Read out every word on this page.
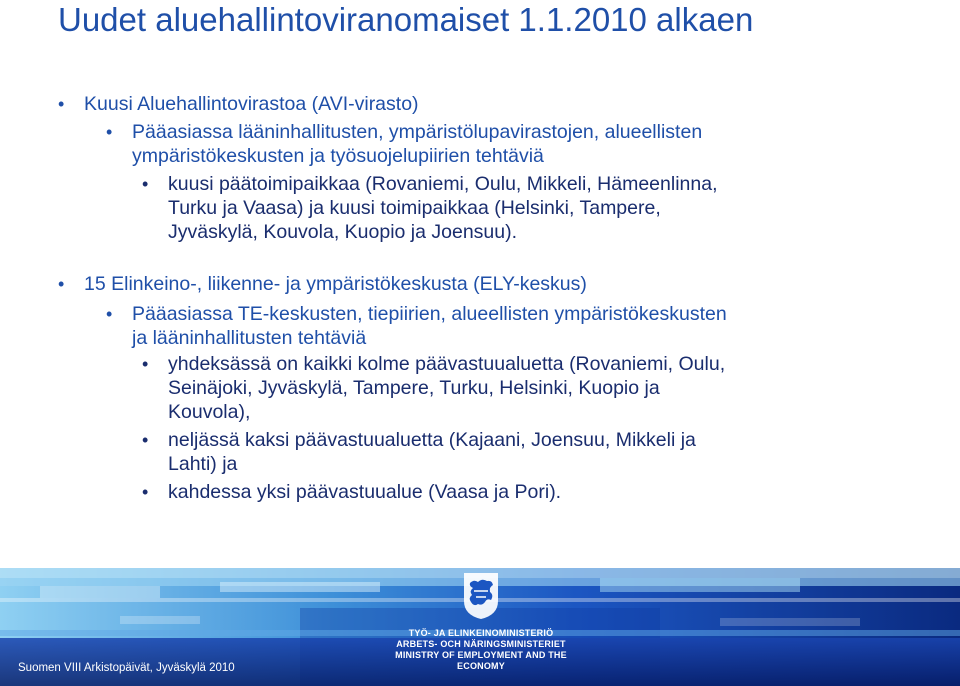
Uudet aluehallintoviranomaiset 1.1.2010 alkaen
• Kuusi Aluehallintovirastoa (AVI-virasto)
• Pääasiassa lääninhallitusten, ympäristölupavirastojen, alueellisten
ympäristökeskusten ja työsuojelupiirien tehtäviä
• kuusi päätoimipaikkaa (Rovaniemi, Oulu, Mikkeli, Hämeenlinna,
Turku ja Vaasa) ja kuusi toimipaikkaa (Helsinki, Tampere,
Jyväskylä, Kouvola, Kuopio ja Joensuu).
• 15 Elinkeino-, liikenne- ja ympäristökeskusta (ELY-keskus)
• Pääasiassa TE-keskusten, tiepiirien, alueellisten ympäristökeskusten
ja lääninhallitusten tehtäviä
• yhdeksässä on kaikki kolme päävastuualuetta (Rovaniemi, Oulu,
Seinäjoki, Jyväskylä, Tampere, Turku, Helsinki, Kuopio ja
Kouvola),
• neljässä kaksi päävastuualuetta (Kajaani, Joensuu, Mikkeli ja
Lahti) ja
• kahdessa yksi päävastuualue (Vaasa ja Pori).
TYÖ- JA ELINKEINOMINISTERIÖ
ARBETS- OCH NÄRINGSMINISTERIET
MINISTRY OF EMPLOYMENT AND THE ECONOMY
Suomen VIII Arkistopäivät, Jyväskylä 2010
